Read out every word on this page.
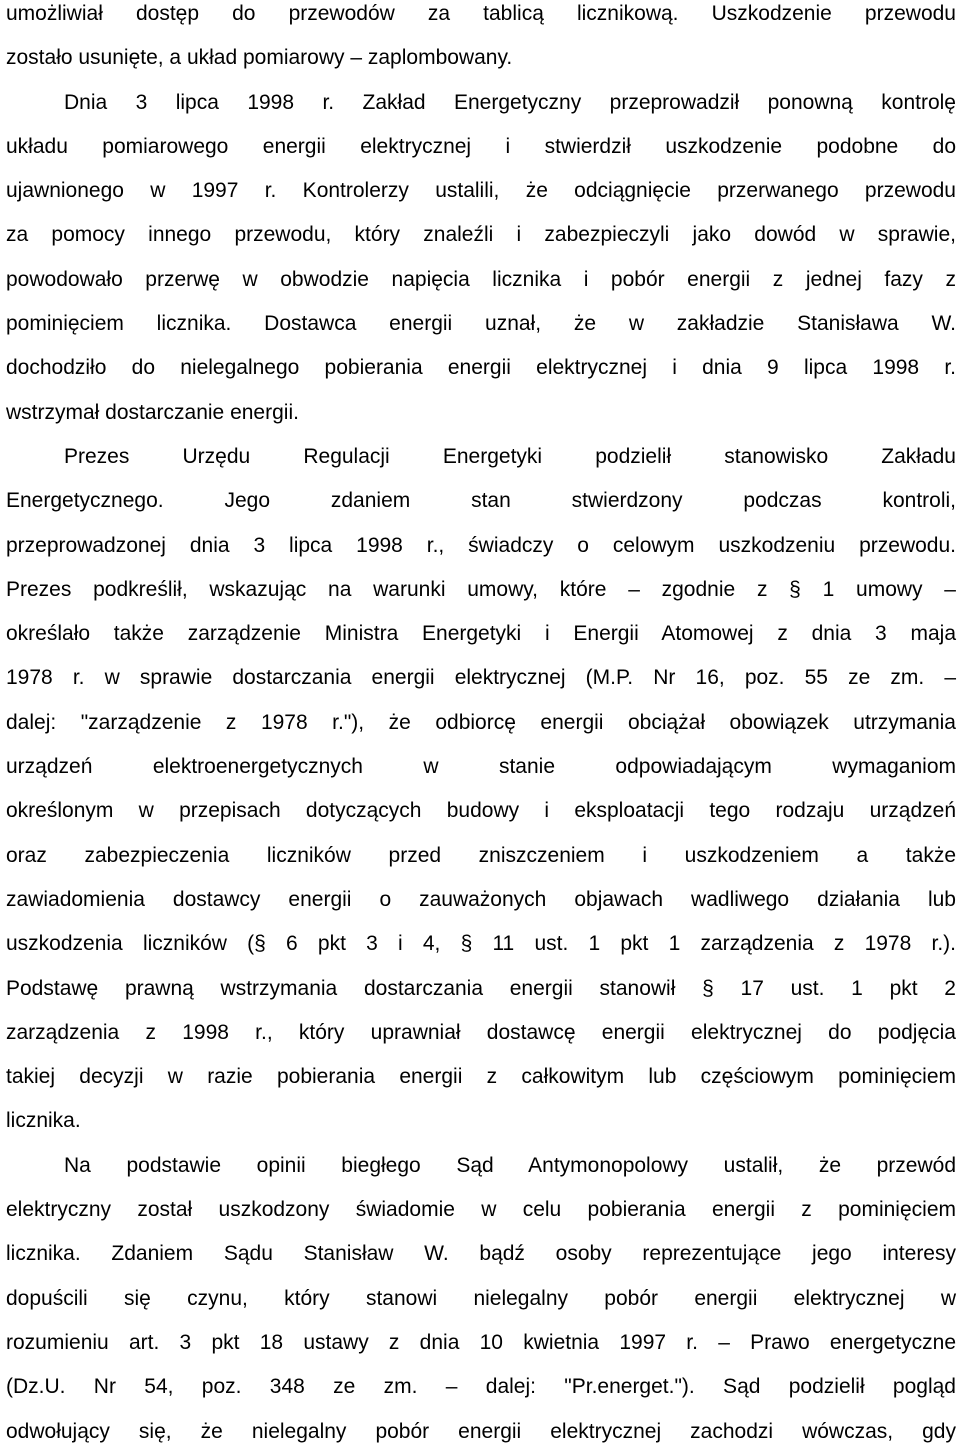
umożliwiał dostęp do przewodów za tablicą licznikową. Uszkodzenie przewodu
zostało usunięte, a układ pomiarowy – zaplombowany.
Dnia 3 lipca 1998 r. Zakład Energetyczny przeprowadził ponowną kontrolę
układu pomiarowego energii elektrycznej i stwierdził uszkodzenie podobne do
ujawnionego w 1997 r. Kontrolerzy ustalili, że odciągnięcie przerwanego przewodu
za pomocy innego przewodu, który znaleźli i zabezpieczyli jako dowód w sprawie,
powodowało przerwę w obwodzie napięcia licznika i pobór energii z jednej fazy z
pominięciem licznika. Dostawca energii uznał, że w zakładzie Stanisława W.
dochodziło do nielegalnego pobierania energii elektrycznej i dnia 9 lipca 1998 r.
wstrzymał dostarczanie energii.
Prezes Urzędu Regulacji Energetyki podzielił stanowisko Zakładu
Energetycznego. Jego zdaniem stan stwierdzony podczas kontroli,
przeprowadzonej dnia 3 lipca 1998 r., świadczy o celowym uszkodzeniu przewodu.
Prezes podkreślił, wskazując na warunki umowy, które – zgodnie z § 1 umowy –
określało także zarządzenie Ministra Energetyki i Energii Atomowej z dnia 3 maja
1978 r. w sprawie dostarczania energii elektrycznej (M.P. Nr 16, poz. 55 ze zm. –
dalej: "zarządzenie z 1978 r."), że odbiorcę energii obciążał obowiązek utrzymania
urządzeń elektroenergetycznych w stanie odpowiadającym wymaganiom
określonym w przepisach dotyczących budowy i eksploatacji tego rodzaju urządzeń
oraz zabezpieczenia liczników przed zniszczeniem i uszkodzeniem a także
zawiadomienia dostawcy energii o zauważonych objawach wadliwego działania lub
uszkodzenia liczników (§ 6 pkt 3 i 4, § 11 ust. 1 pkt 1 zarządzenia z 1978 r.).
Podstawę prawną wstrzymania dostarczania energii stanowił § 17 ust. 1 pkt 2
zarządzenia z 1998 r., który uprawniał dostawcę energii elektrycznej do podjęcia
takiej decyzji w razie pobierania energii z całkowitym lub częściowym pominięciem
licznika.
Na podstawie opinii biegłego Sąd Antymonopolowy ustalił, że przewód
elektryczny został uszkodzony świadomie w celu pobierania energii z pominięciem
licznika. Zdaniem Sądu Stanisław W. bądź osoby reprezentujące jego interesy
dopuścili się czynu, który stanowi nielegalny pobór energii elektrycznej w
rozumieniu art. 3 pkt 18 ustawy z dnia 10 kwietnia 1997 r. – Prawo energetyczne
(Dz.U. Nr 54, poz. 348 ze zm. – dalej: "Pr.energet."). Sąd podzielił pogląd
odwołujący się, że nielegalny pobór energii elektrycznej zachodzi wówczas, gdy
